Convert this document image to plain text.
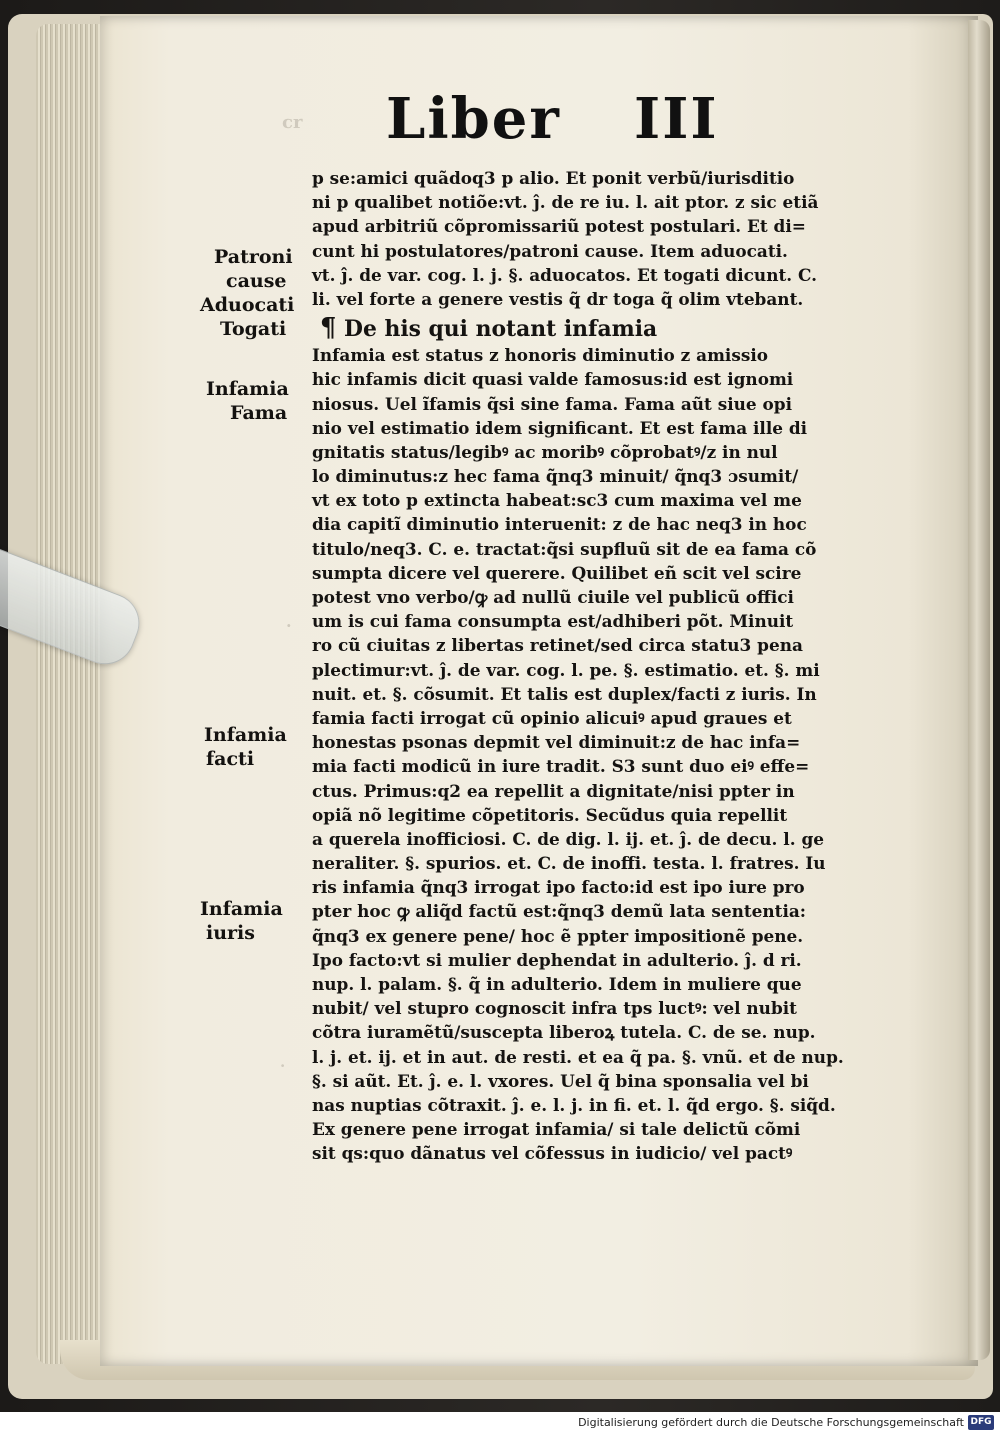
cr
·
·
Liber III
Patroni
cause
Aduocati
Togati
Infamia
Fama
Infamia
facti
Infamia
iuris
p se:amici quãdoq3 p alio. Et ponit verbũ/iurisditio
ni p qualibet notiõe:vt. ĵ. de re iu. l. ait ptor. z sic etiã
apud arbitriũ cõpromissariũ potest postulari. Et di=
cunt hi postulatores/patroni cause. Item aduocati.
vt. ĵ. de var. cog. l. j. §. aduocatos. Et togati dicunt. C.
li. vel forte a genere vestis q̃ dr toga q̃ olim vtebant.
¶ De his qui notant infamia
Infamia est status z honoris diminutio z amissio
hic infamis dicit quasi valde famosus:id est ignomi
niosus. Uel ĩfamis q̃si sine fama. Fama aũt siue opi
nio vel estimatio idem significant. Et est fama ille di
gnitatis status/legibꝰ ac moribꝰ cõprobatꝰ/z in nul
lo diminutus:z hec fama q̃nq3 minuit/ q̃nq3 ɔsumit/
vt ex toto p extincta habeat:sc3 cum maxima vel me
dia capitĩ diminutio interuenit: z de hac neq3 in hoc
titulo/neq3. C. e. tractat:q̃si supfluũ sit de ea fama cõ
sumpta dicere vel querere. Quilibet eñ scit vel scire
potest vno verbo/ꝙ ad nullũ ciuile vel publicũ offici
um is cui fama consumpta est/adhiberi põt. Minuit
ro cũ ciuitas z libertas retinet/sed circa statu3 pena
plectimur:vt. ĵ. de var. cog. l. pe. §. estimatio. et. §. mi
nuit. et. §. cõsumit. Et talis est duplex/facti z iuris. In
famia facti irrogat cũ opinio alicuiꝰ apud graues et
honestas psonas depmit vel diminuit:z de hac infa=
mia facti modicũ in iure tradit. S3 sunt duo eiꝰ effe=
ctus. Primus:q2 ea repellit a dignitate/nisi ppter in
opiã nõ legitime cõpetitoris. Secũdus quia repellit
a querela inofficiosi. C. de dig. l. ij. et. ĵ. de decu. l. ge
neraliter. §. spurios. et. C. de inoffi. testa. l. fratres. Iu
ris infamia q̃nq3 irrogat ipo facto:id est ipo iure pro
pter hoc ꝙ aliq̃d factũ est:q̃nq3 demũ lata sententia:
q̃nq3 ex genere pene/ hoc ẽ ppter impositionẽ pene.
Ipo facto:vt si mulier dephendat in adulterio. ĵ. d ri.
nup. l. palam. §. q̃ in adulterio. Idem in muliere que
nubit/ vel stupro cognoscit infra tps luctꝰ: vel nubit
cõtra iuramẽtũ/suscepta liberoꝝ tutela. C. de se. nup.
l. j. et. ij. et in aut. de resti. et ea q̃ pa. §. vnũ. et de nup.
§. si aũt. Et. ĵ. e. l. vxores. Uel q̃ bina sponsalia vel bi
nas nuptias cõtraxit. ĵ. e. l. j. in fi. et. l. q̃d ergo. §. siq̃d.
Ex genere pene irrogat infamia/ si tale delictũ cõmi
sit qs:quo dãnatus vel cõfessus in iudicio/ vel pactꝰ
Digitalisierung gefördert durch die Deutsche Forschungsgemeinschaft DFG
